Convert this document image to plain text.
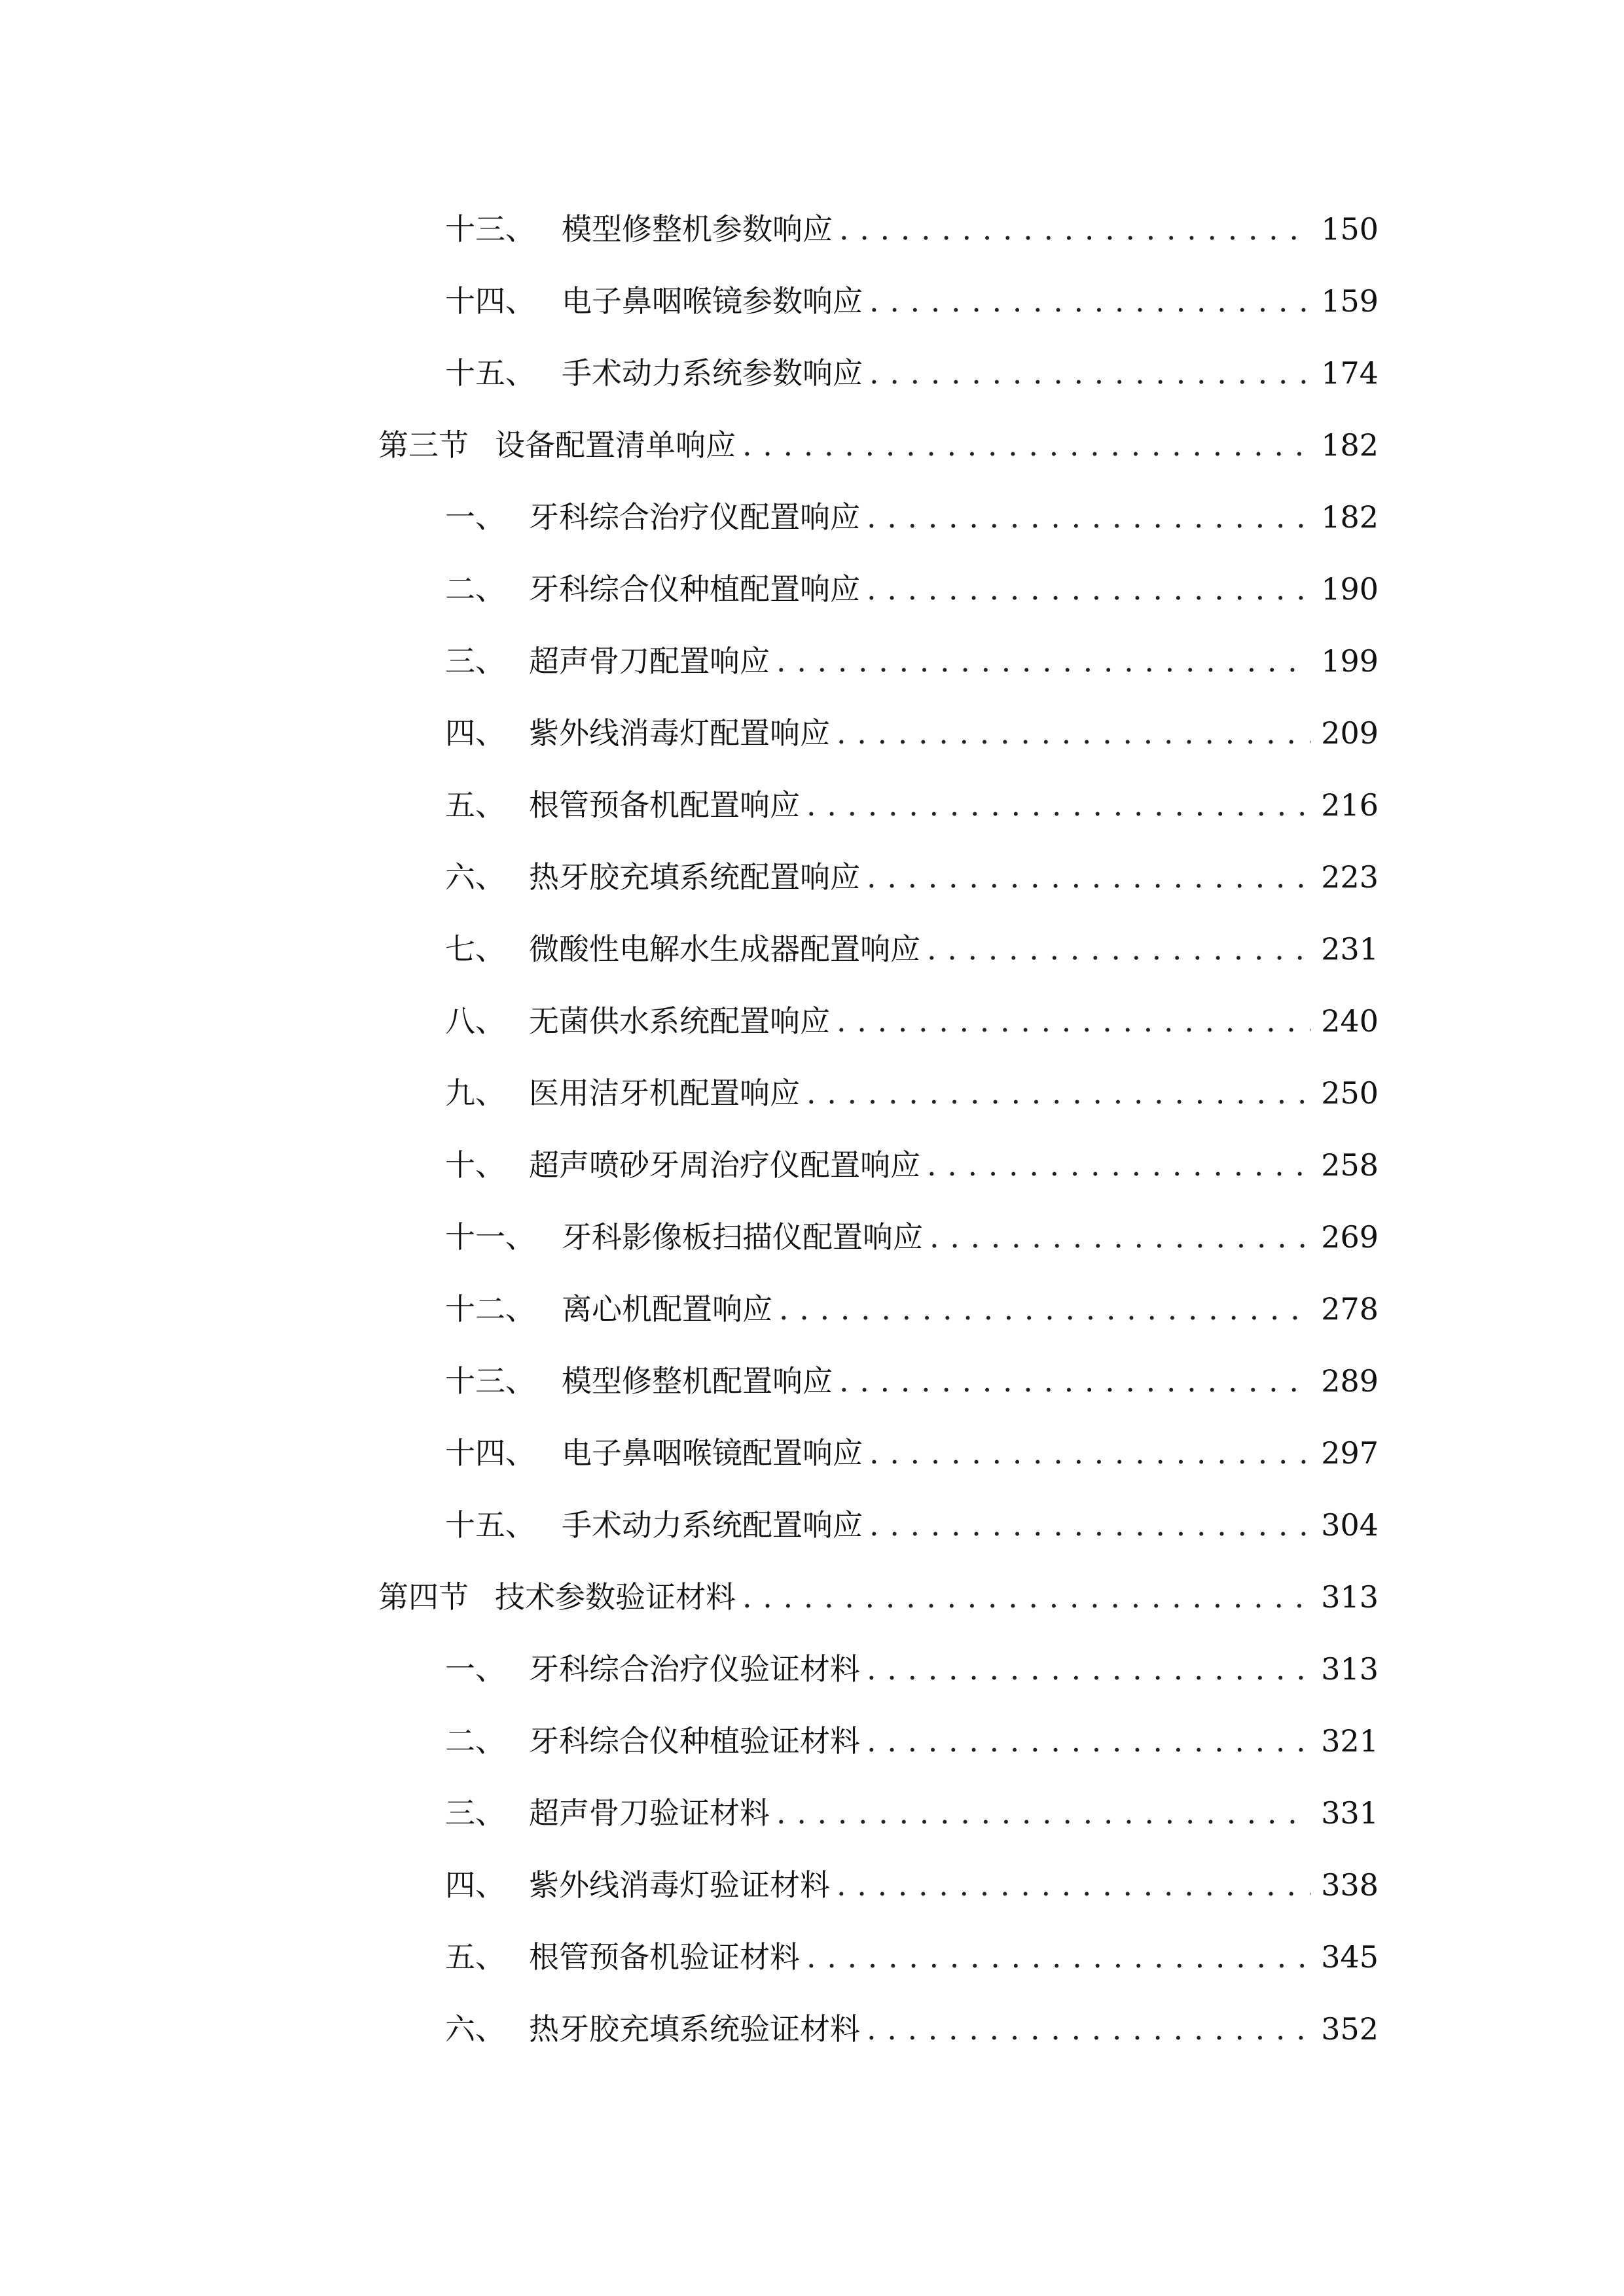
十三、 模型修整机参数响应 . . .	150
十四、 电子鼻咽喉镜参数响应 . . .	159
十五、 手术动力系统参数响应 . . .	174
第三节 设备配置清单响应 . . .	182
一、 牙科综合治疗仪配置响应 . . .	182
二、 牙科综合仪种植配置响应 . . .	190
三、 超声骨刀配置响应 . . .	199
四、 紫外线消毒灯配置响应 . . .	209
五、 根管预备机配置响应 . . .	216
六、 热牙胶充填系统配置响应 . . .	223
七、 微酸性电解水生成器配置响应 . . .	231
八、 无菌供水系统配置响应 . . .	240
九、 医用洁牙机配置响应 . . .	250
十、 超声喷砂牙周治疗仪配置响应 . . .	258
十一、 牙科影像板扫描仪配置响应 . . .	269
十二、 离心机配置响应 . . .	278
十三、 模型修整机配置响应 . . .	289
十四、 电子鼻咽喉镜配置响应 . . .	297
十五、 手术动力系统配置响应 . . .	304
第四节 技术参数验证材料 . . .	313
一、 牙科综合治疗仪验证材料 . . .	313
二、 牙科综合仪种植验证材料 . . .	321
三、 超声骨刀验证材料 . . .	331
四、 紫外线消毒灯验证材料 . . .	338
五、 根管预备机验证材料 . . .	345
六、 热牙胶充填系统验证材料 . . .	352
